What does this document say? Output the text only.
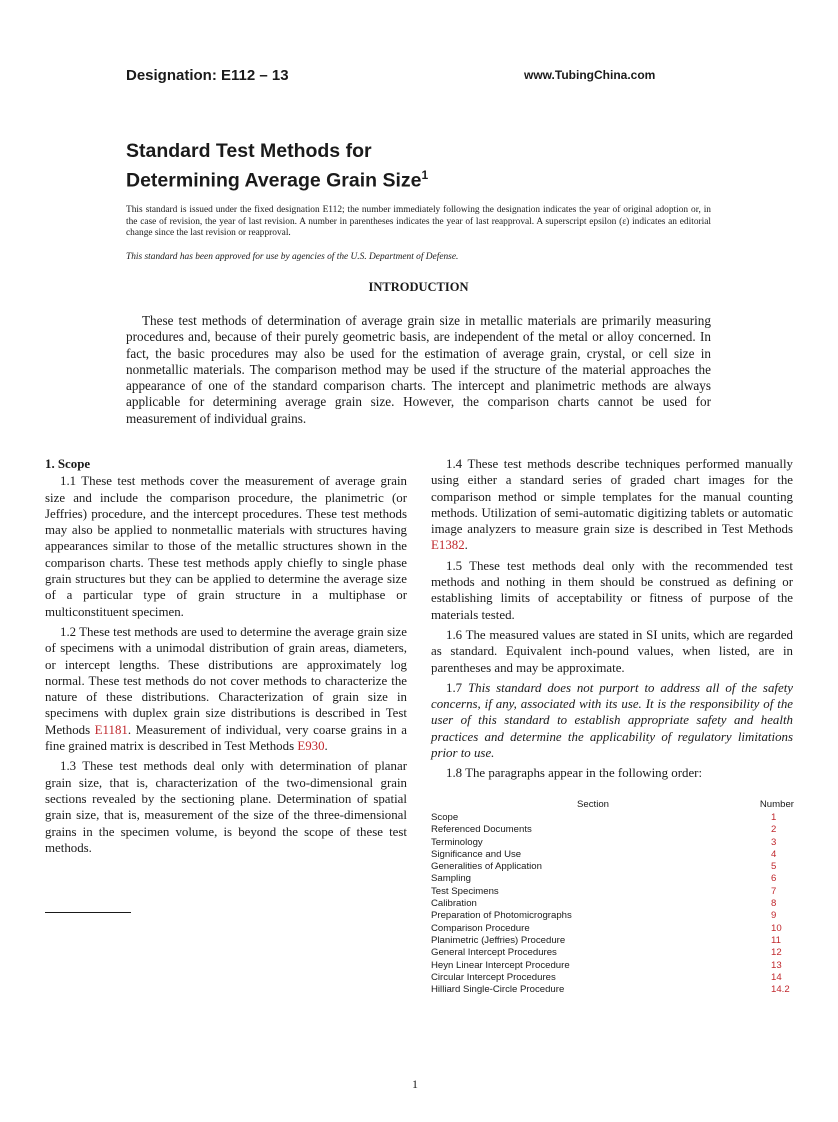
Designation: E112 – 13	www.TubingChina.com
Standard Test Methods for
Determining Average Grain Size$^1$
This standard is issued under the fixed designation E112; the number immediately following the designation indicates the year of original adoption or, in the case of revision, the year of last revision. A number in parentheses indicates the year of last reapproval. A superscript epsilon (ε) indicates an editorial change since the last revision or reapproval.
This standard has been approved for use by agencies of the U.S. Department of Defense.
INTRODUCTION

These test methods of determination of average grain size in metallic materials are primarily measuring procedures and, because of their purely geometric basis, are independent of the metal or alloy concerned. In fact, the basic procedures may also be used for the estimation of average grain, crystal, or cell size in nonmetallic materials. The comparison method may be used if the structure of the material approaches the appearance of one of the standard comparison charts. The intercept and planimetric methods are always applicable for determining average grain size. However, the comparison charts cannot be used for measurement of individual grains.

1. Scope

1.1 These test methods cover the measurement of average grain size and include the comparison procedure, the planimetric (or Jeffries) procedure, and the intercept procedures. These test methods may also be applied to nonmetallic materials with structures having appearances similar to those of the metallic structures shown in the comparison charts. These test methods apply chiefly to single phase grain structures but they can be applied to determine the average size of a particular type of grain structure in a multiphase or multiconstituent specimen.

1.2 These test methods are used to determine the average grain size of specimens with a unimodal distribution of grain areas, diameters, or intercept lengths. These distributions are approximately log normal. These test methods do not cover methods to characterize the nature of these distributions. Characterization of grain size in specimens with duplex grain size distributions is described in Test Methods E1181. Measurement of individual, very coarse grains in a fine grained matrix is described in Test Methods E930.

1.3 These test methods deal only with determination of planar grain size, that is, characterization of the two-dimensional grain sections revealed by the sectioning plane. Determination of spatial grain size, that is, measurement of the size of the three-dimensional grains in the specimen volume, is beyond the scope of these test methods.

1.4 These test methods describe techniques performed manually using either a standard series of graded chart images for the comparison method or simple templates for the manual counting methods. Utilization of semi-automatic digitizing tablets or automatic image analyzers to measure grain size is described in Test Methods E1382.

1.5 These test methods deal only with the recommended test methods and nothing in them should be construed as defining or establishing limits of acceptability or fitness of purpose of the materials tested.

1.6 The measured values are stated in SI units, which are regarded as standard. Equivalent inch-pound values, when listed, are in parentheses and may be approximate.

1.7 This standard does not purport to address all of the safety concerns, if any, associated with its use. It is the responsibility of the user of this standard to establish appropriate safety and health practices and determine the applicability of regulatory limitations prior to use.

1.8 The paragraphs appear in the following order:

Section	Number
Scope	1
Referenced Documents	2
Terminology	3
Significance and Use	4
Generalities of Application	5
Sampling	6
Test Specimens	7
Calibration	8
Preparation of Photomicrographs	9
Comparison Procedure	10
Planimetric (Jeffries) Procedure	11
General Intercept Procedures	12
Heyn Linear Intercept Procedure	13
Circular Intercept Procedures	14
Hilliard Single-Circle Procedure	14.2
1
